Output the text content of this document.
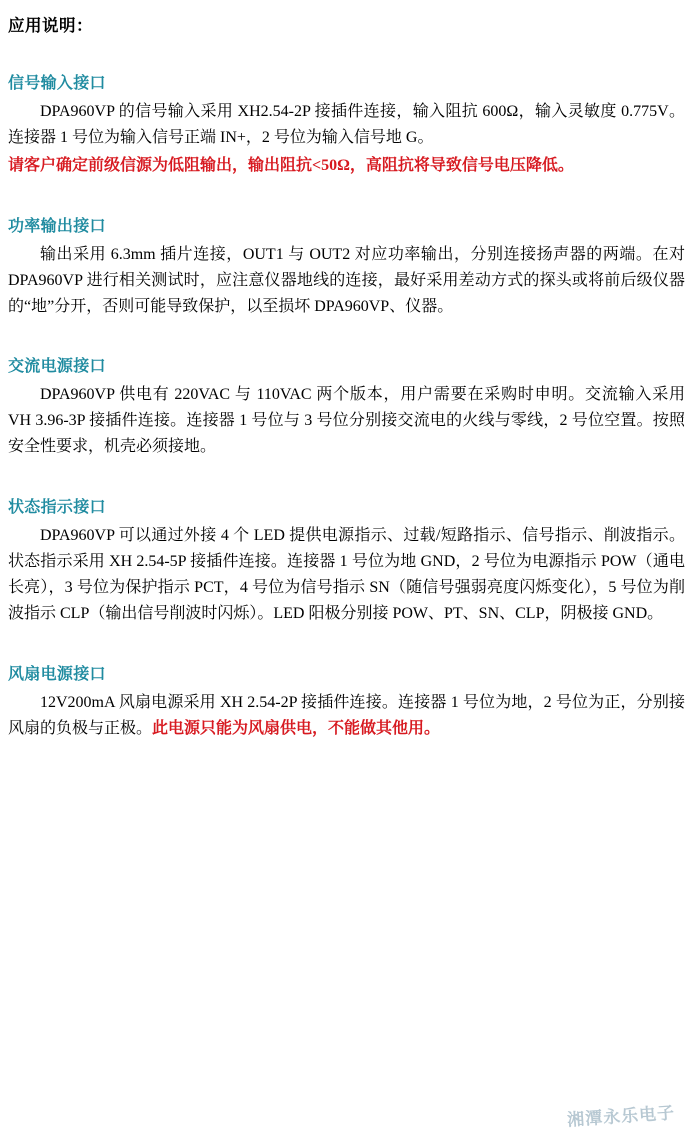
应用说明：
信号输入接口

DPA960VP 的信号输入采用 XH2.54-2P 接插件连接，输入阻抗 600Ω，输入灵敏度 0.775V。连接器 1 号位为输入信号正端 IN+，2 号位为输入信号地 G。

请客户确定前级信源为低阻输出，输出阻抗<50Ω，高阻抗将导致信号电压降低。

功率输出接口

输出采用 6.3mm 插片连接，OUT1 与 OUT2 对应功率输出，分别连接扬声器的两端。在对 DPA960VP 进行相关测试时，应注意仪器地线的连接，最好采用差动方式的探头或将前后级仪器的“地”分开，否则可能导致保护，以至损坏 DPA960VP、仪器。

交流电源接口

DPA960VP 供电有 220VAC 与 110VAC 两个版本，用户需要在采购时申明。交流输入采用 VH 3.96-3P 接插件连接。连接器 1 号位与 3 号位分别接交流电的火线与零线，2 号位空置。按照安全性要求，机壳必须接地。

状态指示接口

DPA960VP 可以通过外接 4 个 LED 提供电源指示、过载/短路指示、信号指示、削波指示。状态指示采用 XH 2.54-5P 接插件连接。连接器 1 号位为地 GND，2 号位为电源指示 POW（通电长亮），3 号位为保护指示 PCT，4 号位为信号指示 SN（随信号强弱亮度闪烁变化），5 号位为削波指示 CLP（输出信号削波时闪烁）。LED 阳极分别接 POW、PT、SN、CLP，阴极接 GND。

风扇电源接口

12V200mA 风扇电源采用 XH 2.54-2P 接插件连接。连接器 1 号位为地，2 号位为正，分别接风扇的负极与正极。此电源只能为风扇供电，不能做其他用。

湘潭永乐电子
